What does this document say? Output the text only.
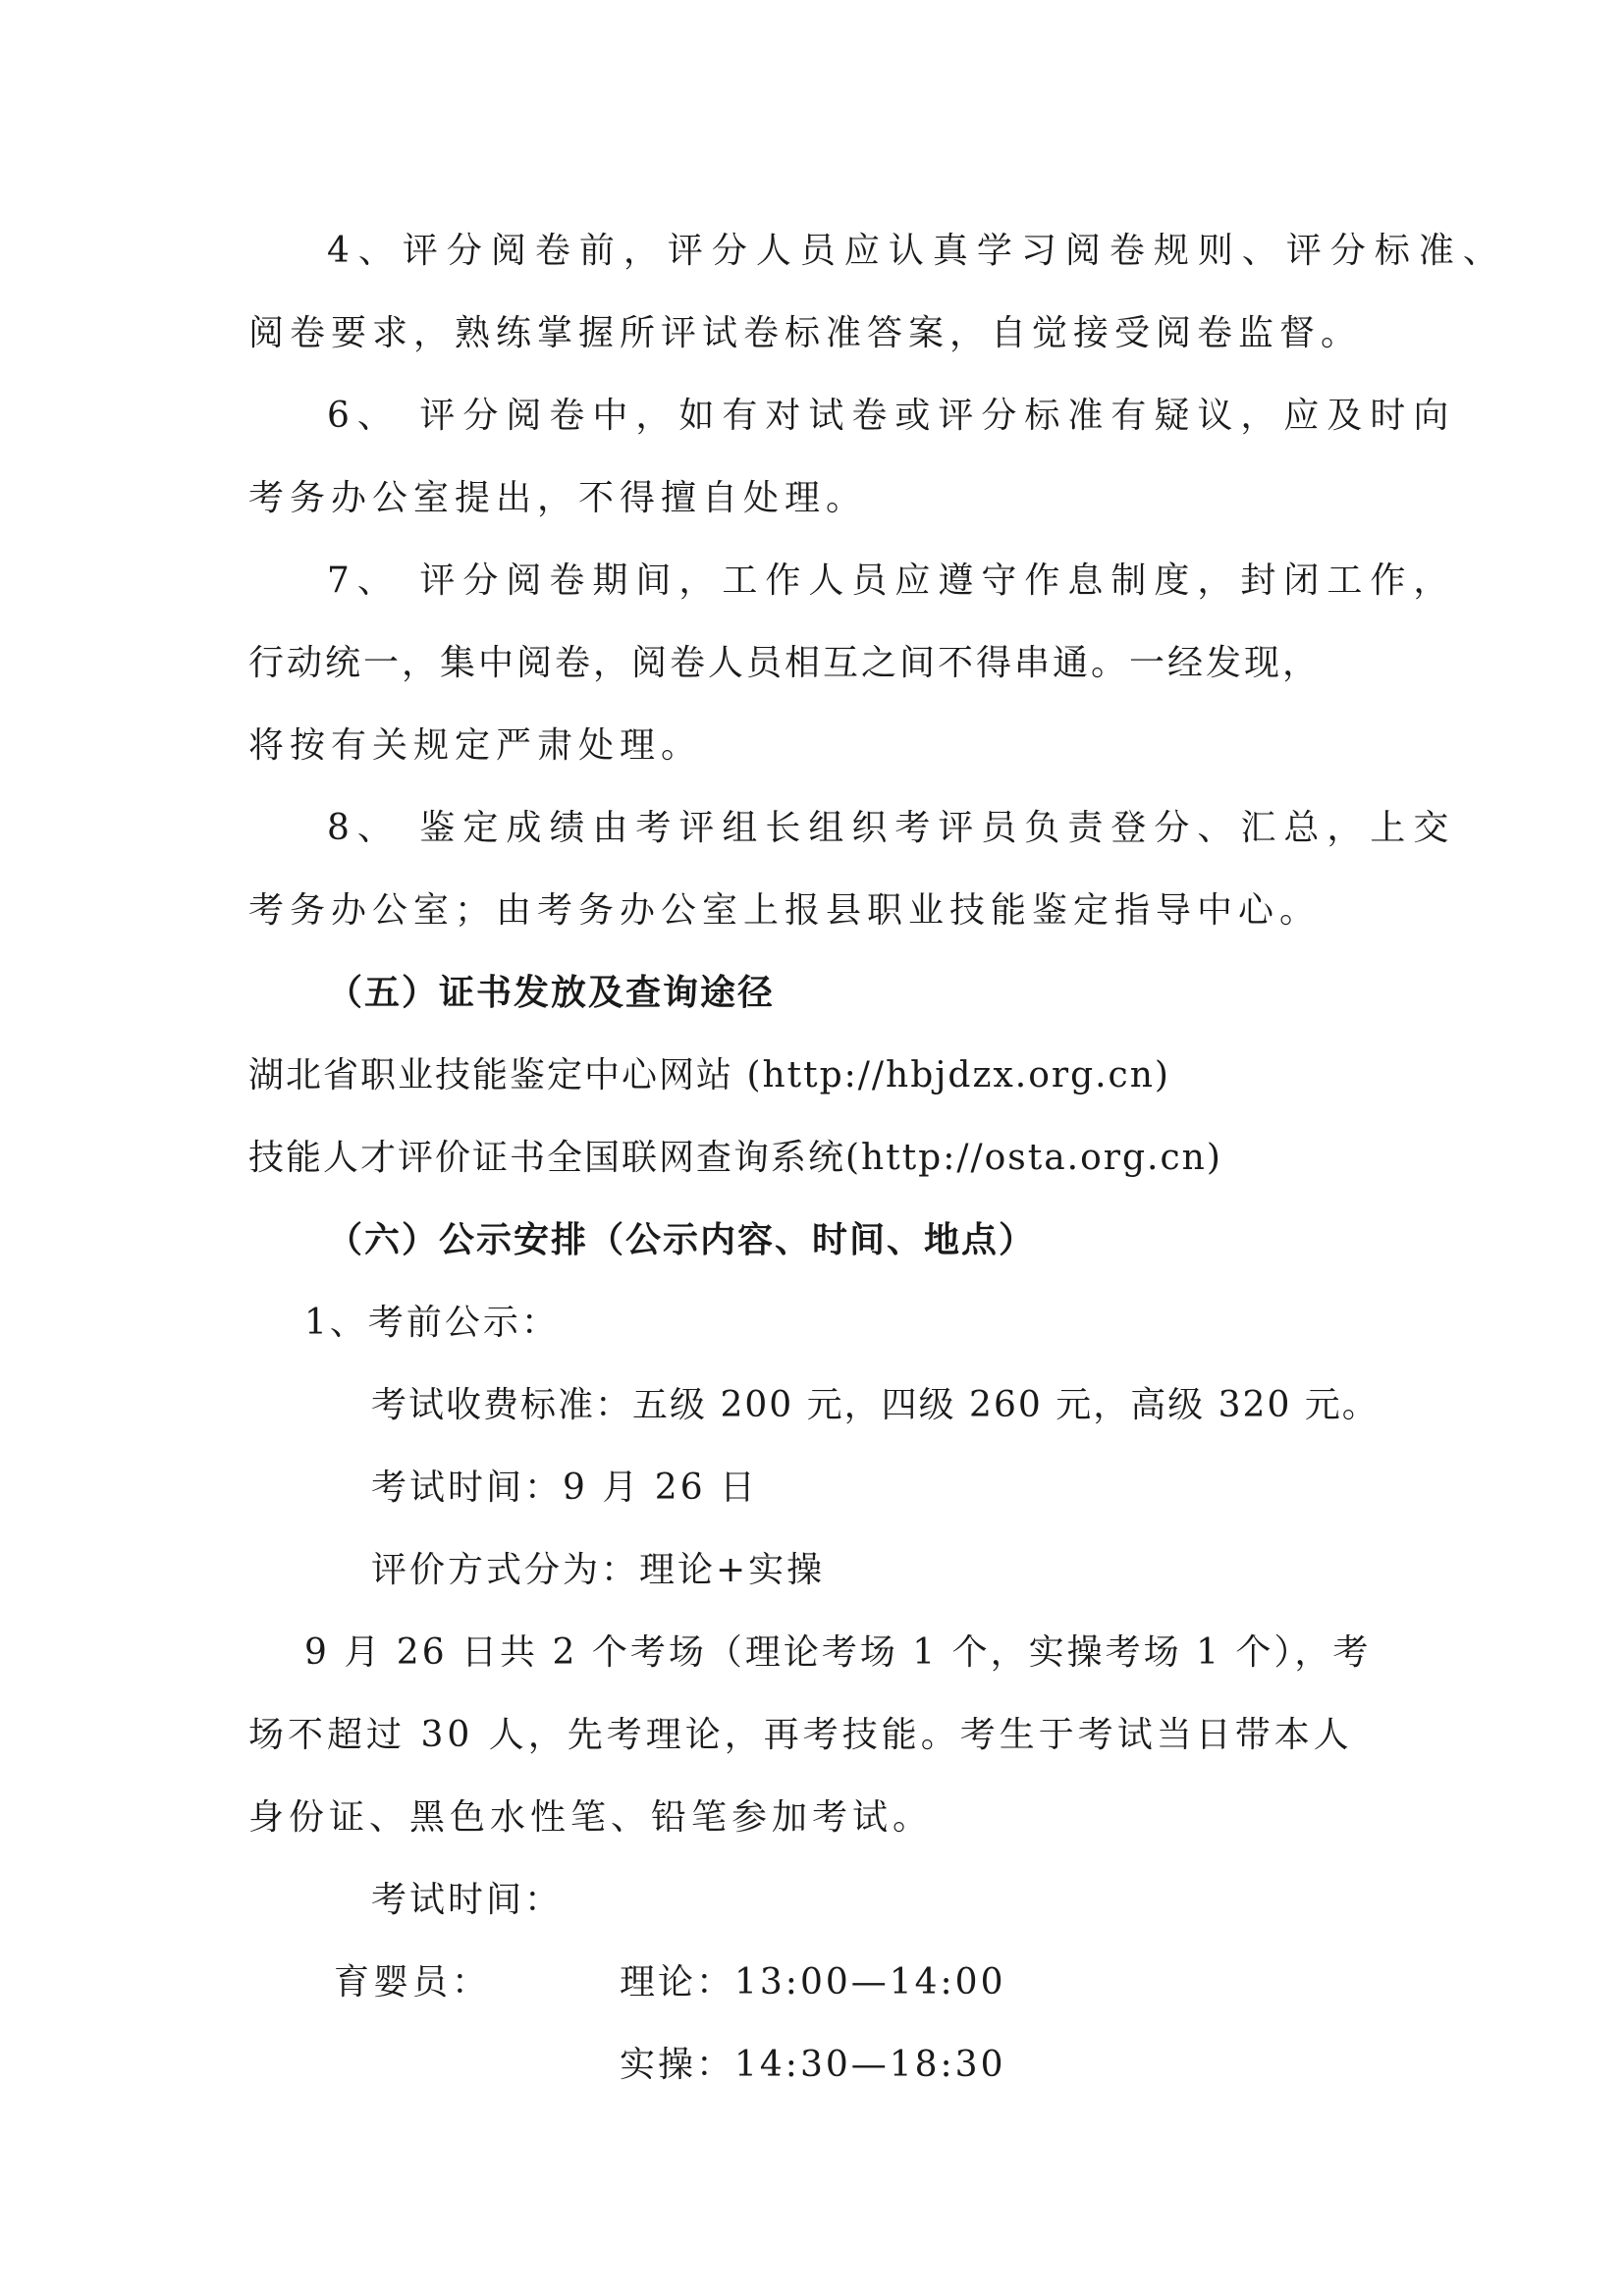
4、评分阅卷前，评分人员应认真学习阅卷规则、评分标准、
阅卷要求，熟练掌握所评试卷标准答案，自觉接受阅卷监督。
6、 评分阅卷中，如有对试卷或评分标准有疑议，应及时向
考务办公室提出，不得擅自处理。
7、 评分阅卷期间，工作人员应遵守作息制度，封闭工作，
行动统一，集中阅卷，阅卷人员相互之间不得串通。一经发现，
将按有关规定严肃处理。
8、 鉴定成绩由考评组长组织考评员负责登分、汇总，上交
考务办公室；由考务办公室上报县职业技能鉴定指导中心。
（五）证书发放及查询途径
湖北省职业技能鉴定中心网站 (http://hbjdzx.org.cn)
技能人才评价证书全国联网查询系统(http://osta.org.cn)
（六）公示安排（公示内容、时间、地点）
1、考前公示：
考试收费标准：五级 200 元，四级 260 元，高级 320 元。
考试时间：9 月 26 日
评价方式分为：理论+实操
9 月 26 日共 2 个考场（理论考场 1 个，实操考场 1 个），考
场不超过 30 人，先考理论，再考技能。考生于考试当日带本人
身份证、黑色水性笔、铅笔参加考试。
考试时间：
育婴员：	理论：13:00—14:00
实操：14:30—18:30
